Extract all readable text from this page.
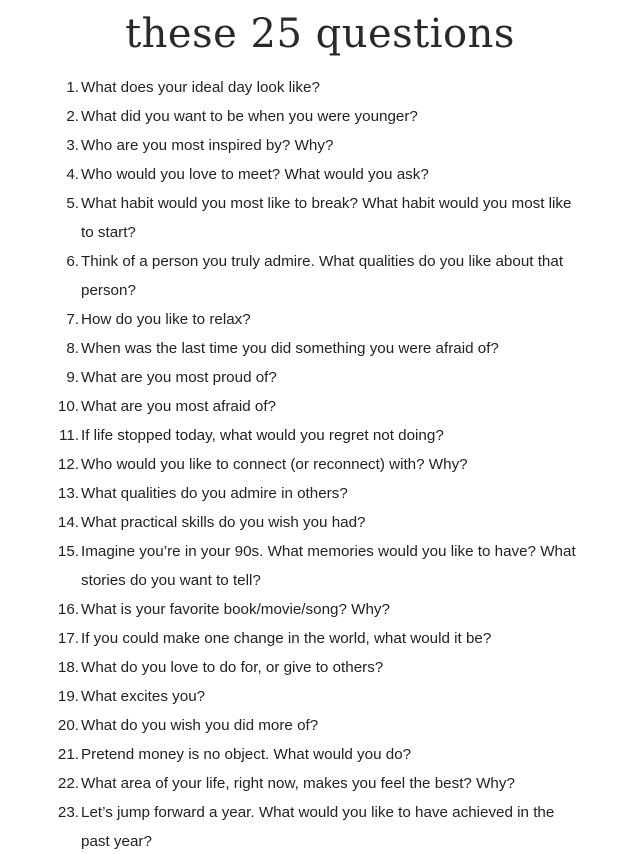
these 25 questions
1. What does your ideal day look like?
2. What did you want to be when you were younger?
3. Who are you most inspired by? Why?
4. Who would you love to meet? What would you ask?
5. What habit would you most like to break? What habit would you most like to start?
6. Think of a person you truly admire. What qualities do you like about that person?
7. How do you like to relax?
8. When was the last time you did something you were afraid of?
9. What are you most proud of?
10. What are you most afraid of?
11. If life stopped today, what would you regret not doing?
12. Who would you like to connect (or reconnect) with? Why?
13. What qualities do you admire in others?
14. What practical skills do you wish you had?
15. Imagine you’re in your 90s. What memories would you like to have? What stories do you want to tell?
16. What is your favorite book/movie/song? Why?
17. If you could make one change in the world, what would it be?
18. What do you love to do for, or give to others?
19. What excites you?
20. What do you wish you did more of?
21. Pretend money is no object. What would you do?
22. What area of your life, right now, makes you feel the best? Why?
23. Let’s jump forward a year. What would you like to have achieved in the past year?
